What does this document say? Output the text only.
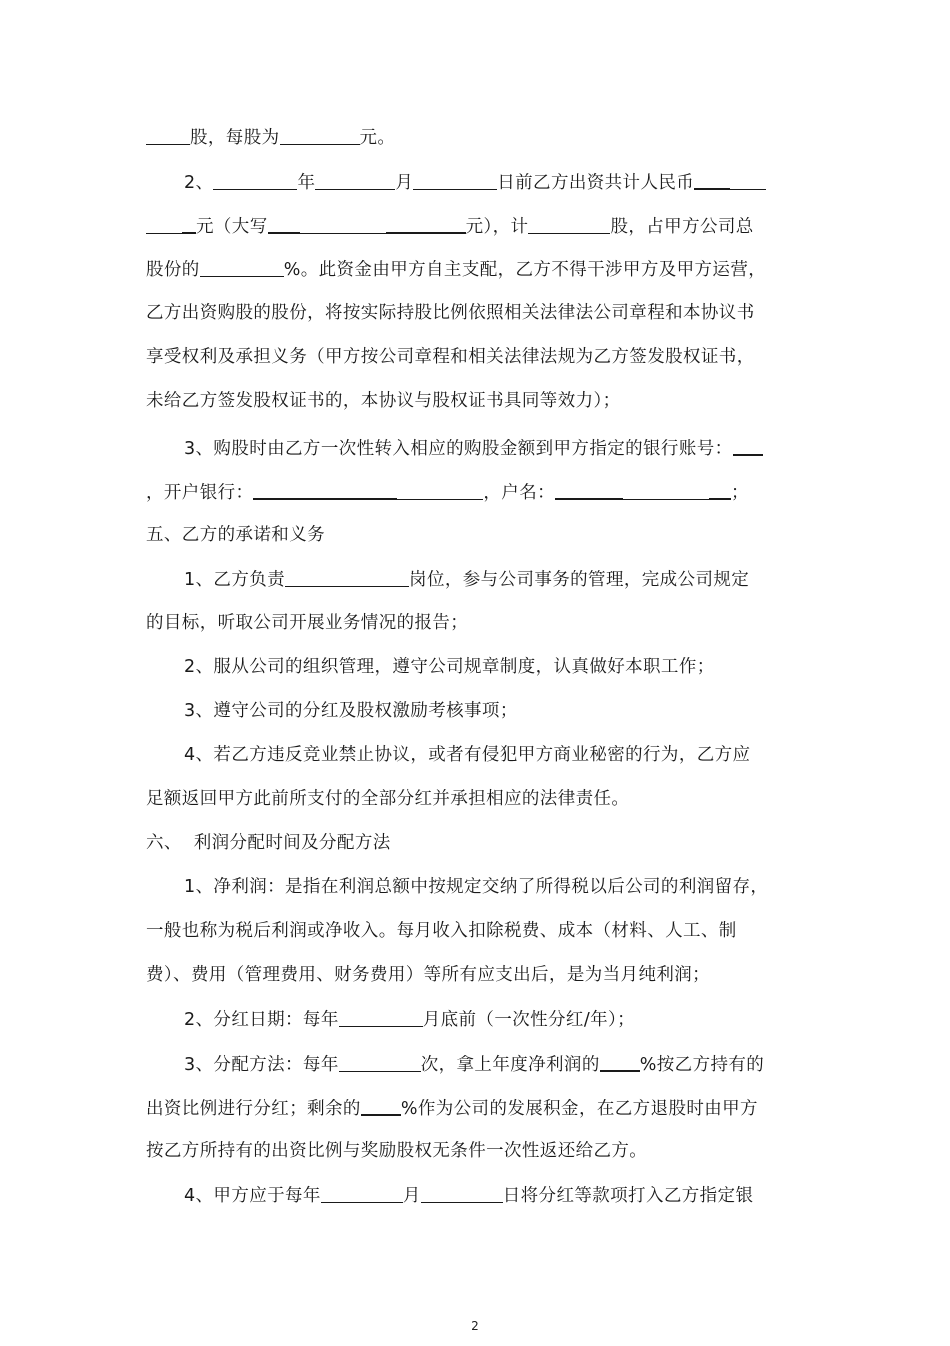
股，每股为	元。
2、	年	月	日前乙方出资共计人民币
元（大写	元），计	股，占甲方公司总
股份的	%。此资金由甲方自主支配，乙方不得干涉甲方及甲方运营，
乙方出资购股的股份，将按实际持股比例依照相关法律法公司章程和本协议书
享受权利及承担义务（甲方按公司章程和相关法律法规为乙方签发股权证书，
未给乙方签发股权证书的，本协议与股权证书具同等效力）；
3、购股时由乙方一次性转入相应的购股金额到甲方指定的银行账号：
，开户银行：	，户名：	；
五、乙方的承诺和义务
1、乙方负责	岗位，参与公司事务的管理，完成公司规定
的目标，听取公司开展业务情况的报告；
2、服从公司的组织管理，遵守公司规章制度，认真做好本职工作；
3、遵守公司的分红及股权激励考核事项；
4、若乙方违反竞业禁止协议，或者有侵犯甲方商业秘密的行为，乙方应
足额返回甲方此前所支付的全部分红并承担相应的法律责任。
六、  利润分配时间及分配方法
1、净利润：是指在利润总额中按规定交纳了所得税以后公司的利润留存，
一般也称为税后利润或净收入。每月收入扣除税费、成本（材料、人工、制
费）、费用（管理费用、财务费用）等所有应支出后，是为当月纯利润；
2、分红日期：每年	月底前（一次性分红/年）；
3、分配方法：每年	次，拿上年度净利润的 %按乙方持有的
出资比例进行分红；剩余的 %作为公司的发展积金，在乙方退股时由甲方
按乙方所持有的出资比例与奖励股权无条件一次性返还给乙方。
4、甲方应于每年	月	日将分红等款项打入乙方指定银
2
